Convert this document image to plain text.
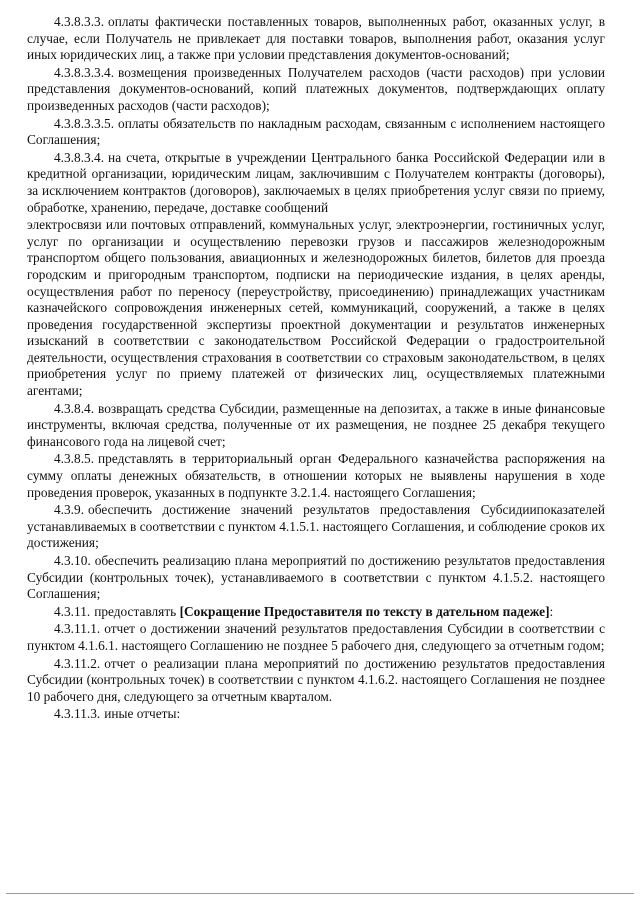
4.3.8.3.3. оплаты фактически поставленных товаров, выполненных работ, оказанных услуг, в случае, если Получатель не привлекает для поставки товаров, выполнения работ, оказания услуг иных юридических лиц, а также при условии представления документов-оснований;

4.3.8.3.3.4. возмещения произведенных Получателем расходов (части расходов) при условии представления документов-оснований, копий платежных документов, подтверждающих оплату произведенных расходов (части расходов);

4.3.8.3.3.5. оплаты обязательств по накладным расходам, связанным с исполнением настоящего Соглашения;

4.3.8.3.4. на счета, открытые в учреждении Центрального банка Российской Федерации или в кредитной организации, юридическим лицам, заключившим с Получателем контракты (договоры), за исключением контрактов (договоров), заключаемых в целях приобретения услуг связи по приему, обработке, хранению, передаче, доставке сообщений

электросвязи или почтовых отправлений, коммунальных услуг, электроэнергии, гостиничных услуг, услуг по организации и осуществлению перевозки грузов и пассажиров железнодорожным транспортом общего пользования, авиационных и железнодорожных билетов, билетов для проезда городским и пригородным транспортом, подписки на периодические издания, в целях аренды, осуществления работ по переносу (переустройству, присоединению) принадлежащих участникам казначейского сопровождения инженерных сетей, коммуникаций, сооружений, а также в целях проведения государственной экспертизы проектной документации и результатов инженерных изысканий в соответствии с законодательством Российской Федерации о градостроительной деятельности, осуществления страхования в соответствии со страховым законодательством, в целях приобретения услуг по приему платежей от физических лиц, осуществляемых платежными агентами;

4.3.8.4. возвращать средства Субсидии, размещенные на депозитах, а также в иные финансовые инструменты, включая средства, полученные от их размещения, не позднее 25 декабря текущего финансового года на лицевой счет;

4.3.8.5. представлять в территориальный орган Федерального казначейства распоряжения на сумму оплаты денежных обязательств, в отношении которых не выявлены нарушения в ходе проведения проверок, указанных в подпункте 3.2.1.4. настоящего Соглашения;

4.3.9. обеспечить достижение значений результатов предоставления Субсидиипоказателей устанавливаемых в соответствии с пунктом 4.1.5.1. настоящего Соглашения, и соблюдение сроков их достижения;

4.3.10. обеспечить реализацию плана мероприятий по достижению результатов предоставления Субсидии (контрольных точек), устанавливаемого в соответствии с пунктом 4.1.5.2. настоящего Соглашения;

4.3.11. предоставлять [Сокращение Предоставителя по тексту в дательном падеже]:

4.3.11.1. отчет о достижении значений результатов предоставления Субсидии в соответствии с пунктом 4.1.6.1. настоящего Соглашению не позднее 5 рабочего дня, следующего за отчетным годом;

4.3.11.2. отчет о реализации плана мероприятий по достижению результатов предоставления Субсидии (контрольных точек) в соответствии с пунктом 4.1.6.2. настоящего Соглашения не позднее 10 рабочего дня, следующего за отчетным кварталом.

4.3.11.3. иные отчеты:
